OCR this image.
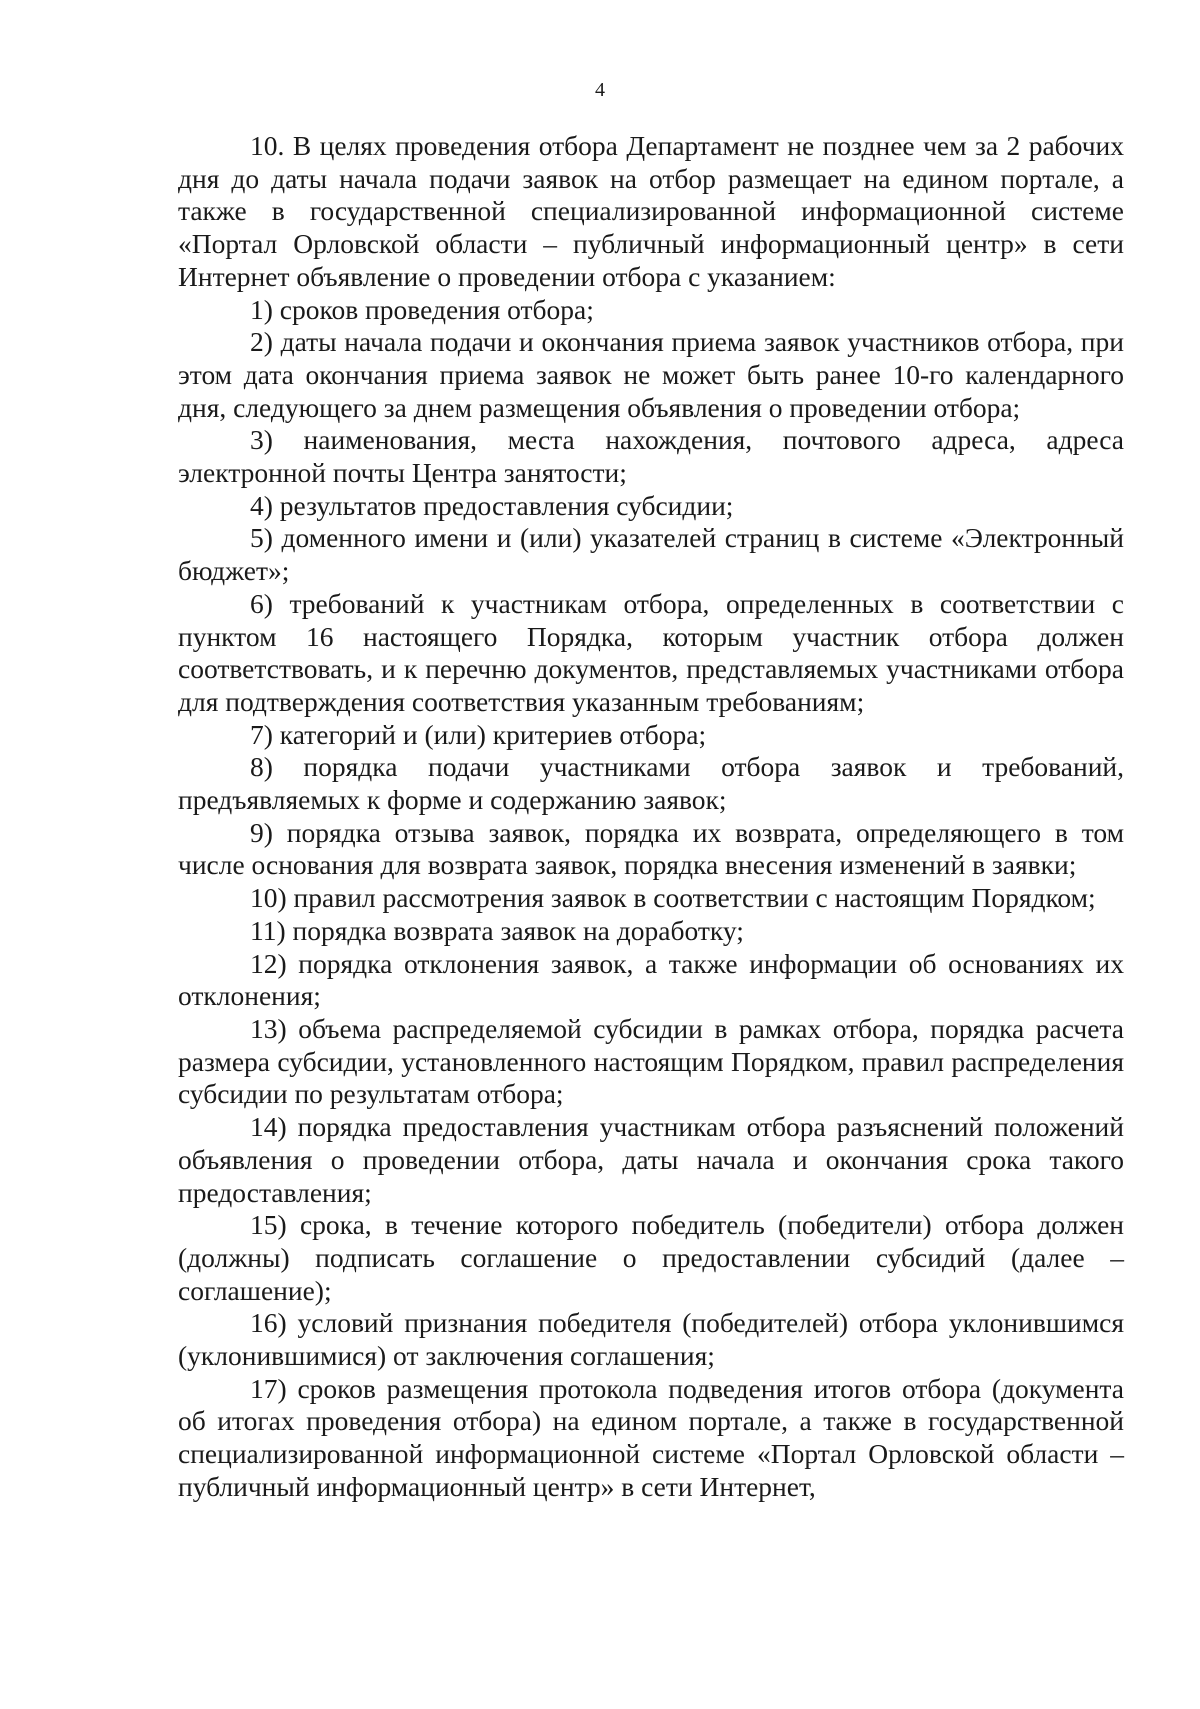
4

10. В целях проведения отбора Департамент не позднее чем за 2 рабочих дня до даты начала подачи заявок на отбор размещает на едином портале, а также в государственной специализированной информационной системе «Портал Орловской области – публичный информационный центр» в сети Интернет объявление о проведении отбора с указанием:

1) сроков проведения отбора;

2) даты начала подачи и окончания приема заявок участников отбора, при этом дата окончания приема заявок не может быть ранее 10-го календарного дня, следующего за днем размещения объявления о проведении отбора;

3) наименования, места нахождения, почтового адреса, адреса электронной почты Центра занятости;

4) результатов предоставления субсидии;

5) доменного имени и (или) указателей страниц в системе «Электронный бюджет»;

6) требований к участникам отбора, определенных в соответствии с пунктом 16 настоящего Порядка, которым участник отбора должен соответствовать, и к перечню документов, представляемых участниками отбора для подтверждения соответствия указанным требованиям;

7) категорий и (или) критериев отбора;

8) порядка подачи участниками отбора заявок и требований, предъявляемых к форме и содержанию заявок;

9) порядка отзыва заявок, порядка их возврата, определяющего в том числе основания для возврата заявок, порядка внесения изменений в заявки;

10) правил рассмотрения заявок в соответствии с настоящим Порядком;

11) порядка возврата заявок на доработку;

12) порядка отклонения заявок, а также информации об основаниях их отклонения;

13) объема распределяемой субсидии в рамках отбора, порядка расчета размера субсидии, установленного настоящим Порядком, правил распределения субсидии по результатам отбора;

14) порядка предоставления участникам отбора разъяснений положений объявления о проведении отбора, даты начала и окончания срока такого предоставления;

15) срока, в течение которого победитель (победители) отбора должен (должны) подписать соглашение о предоставлении субсидий (далее – соглашение);

16) условий признания победителя (победителей) отбора уклонившимся (уклонившимися) от заключения соглашения;

17) сроков размещения протокола подведения итогов отбора (документа об итогах проведения отбора) на едином портале, а также в государственной специализированной информационной системе «Портал Орловской области – публичный информационный центр» в сети Интернет,
